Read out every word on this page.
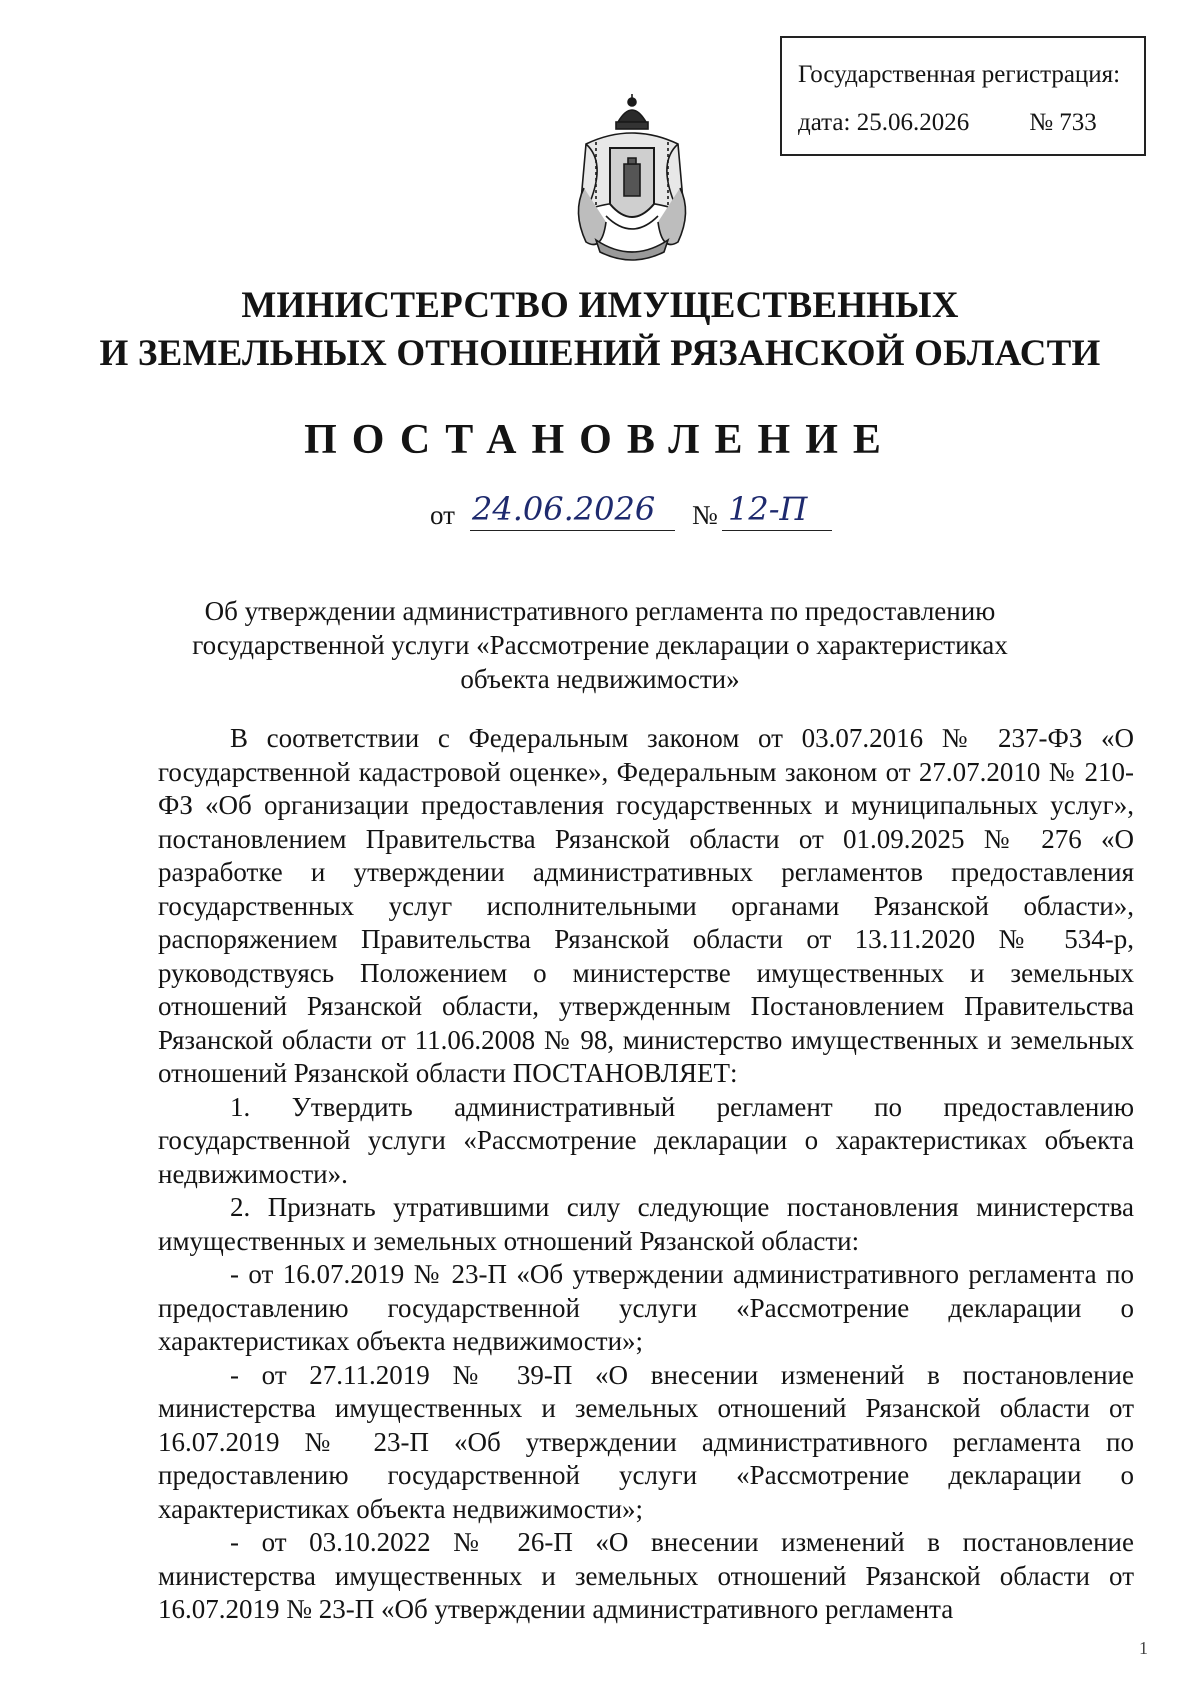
Государственная регистрация:
дата: 25.06.2026 № 733
МИНИСТЕРСТВО ИМУЩЕСТВЕННЫХ
И ЗЕМЕЛЬНЫХ ОТНОШЕНИЙ РЯЗАНСКОЙ ОБЛАСТИ
ПОСТАНОВЛЕНИЕ
от 24.06.2026 № 12-П
Об утверждении административного регламента по предоставлению
государственной услуги «Рассмотрение декларации о характеристиках
объекта недвижимости»

В соответствии с Федеральным законом от 03.07.2016 № 237-ФЗ «О государственной кадастровой оценке», Федеральным законом от 27.07.2010 № 210-ФЗ «Об организации предоставления государственных и муниципальных услуг», постановлением Правительства Рязанской области от 01.09.2025 № 276 «О разработке и утверждении административных регламентов предоставления государственных услуг исполнительными органами Рязанской области», распоряжением Правительства Рязанской области от 13.11.2020 № 534-р, руководствуясь Положением о министерстве имущественных и земельных отношений Рязанской области, утвержденным Постановлением Правительства Рязанской области от 11.06.2008 № 98, министерство имущественных и земельных отношений Рязанской области ПОСТАНОВЛЯЕТ:

1. Утвердить административный регламент по предоставлению государственной услуги «Рассмотрение декларации о характеристиках объекта недвижимости».

2. Признать утратившими силу следующие постановления министерства имущественных и земельных отношений Рязанской области:

- от 16.07.2019 № 23-П «Об утверждении административного регламента по предоставлению государственной услуги «Рассмотрение декларации о характеристиках объекта недвижимости»;

- от 27.11.2019 № 39-П «О внесении изменений в постановление министерства имущественных и земельных отношений Рязанской области от 16.07.2019 № 23-П «Об утверждении административного регламента по предоставлению государственной услуги «Рассмотрение декларации о характеристиках объекта недвижимости»;

- от 03.10.2022 № 26-П «О внесении изменений в постановление министерства имущественных и земельных отношений Рязанской области от 16.07.2019 № 23-П «Об утверждении административного регламента

1
